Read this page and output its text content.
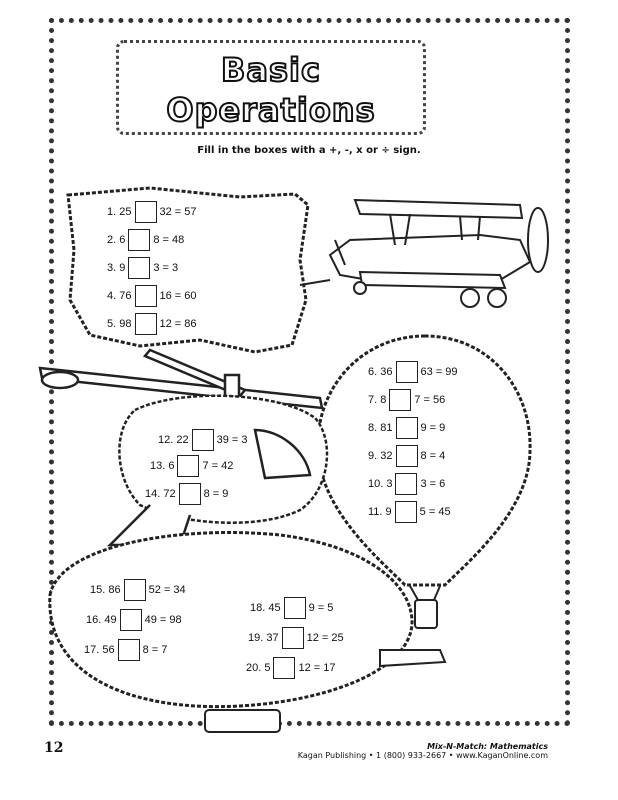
Basic
Operations
Fill in the boxes with a +, -, x or ÷ sign.
1.
25	32 = 57
2.
6	8 = 48
3.
9	3 = 3
4.
76	16 = 60
5.
98	12 = 86
6.
36	63 = 99
7.
8	7 = 56
8.
81	9 = 9
9.
32	8 = 4
10.
3	3 = 6
11.
9	5 = 45
12.
22	39 = 3
13.
6	7 = 42
14.
72	8 = 9
15.
86	52 = 34
16.
49	49 = 98
17.
56	8 = 7
18.
45	9 = 5
19.
37	12 = 25
20.
5	12 = 17
12	Mix-N-Match: Mathematics
Kagan Publishing • 1 (800) 933-2667 • www.KaganOnline.com
